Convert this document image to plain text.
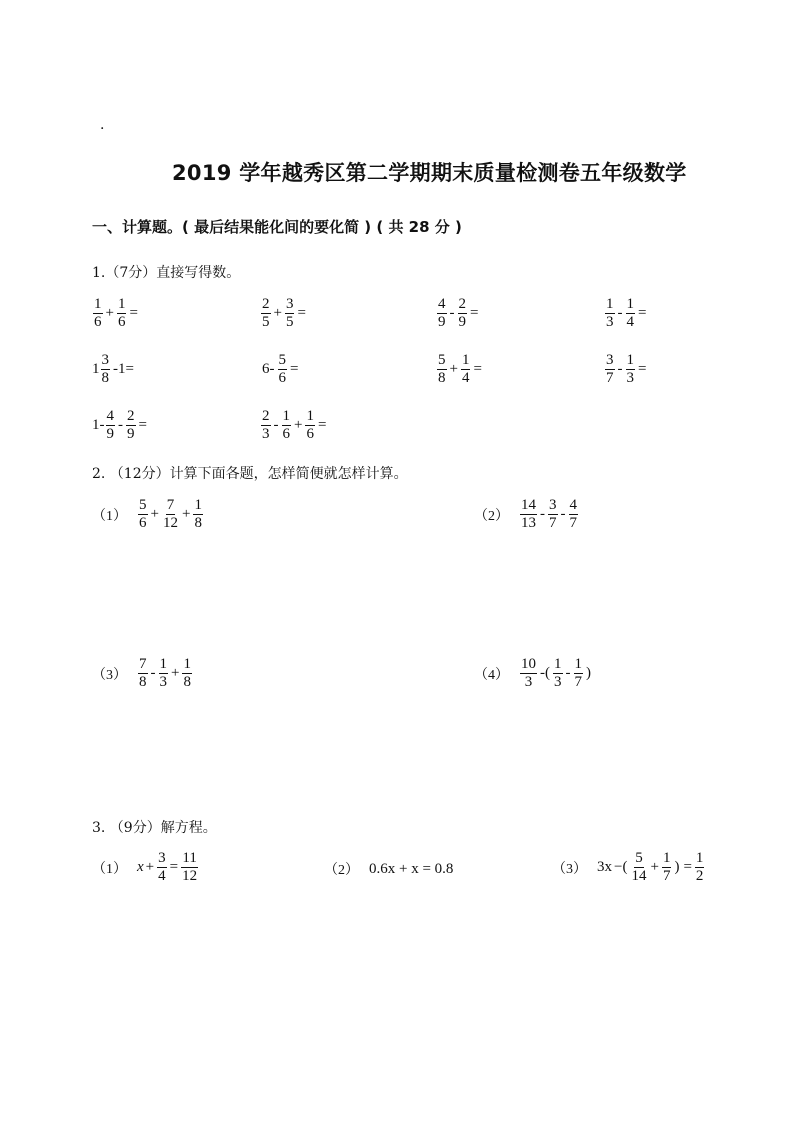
·
2019 学年越秀区第二学期期末质量检测卷五年级数学
一、计算题。( 最后结果能化间的要化简 ) ( 共 28 分 )
1.（7分）直接写得数。
$\frac{1}{6} + \frac{1}{6}$ =	$\frac{2}{5} + \frac{3}{5}$ =	$\frac{4}{9} - \frac{2}{9}$ =	$\frac{1}{3} - \frac{1}{4}$ =
$1 \frac{3}{8} -1=$	$6- \frac{5}{6}$ =	$\frac{5}{8} + \frac{1}{4}$ =	$\frac{3}{7} - \frac{1}{3}$ =
$1- \frac{4}{9} - \frac{2}{9}$ =	$\frac{2}{3} - \frac{1}{6} + \frac{1}{6}$ =
2. （12分）计算下面各题，怎样简便就怎样计算。
$(1) \frac{5}{6} + \frac{7}{12} + \frac{1}{8}$	$(2) \frac{14}{13} - \frac{3}{7} - \frac{4}{7}$
$(3) \frac{7}{8} - \frac{1}{3} + \frac{1}{8}$	$(4) \frac{10}{3}$ -( $\frac{1}{3} - \frac{1}{7}$ )
3. （9分）解方程。
（1） $x + \frac{3}{4} = \frac{11}{12}$	（2） 0.6x + x = 0.8	（3） 3x −( $\frac{5}{14} + \frac{1}{7}$ ) = $\frac{1}{2}$
